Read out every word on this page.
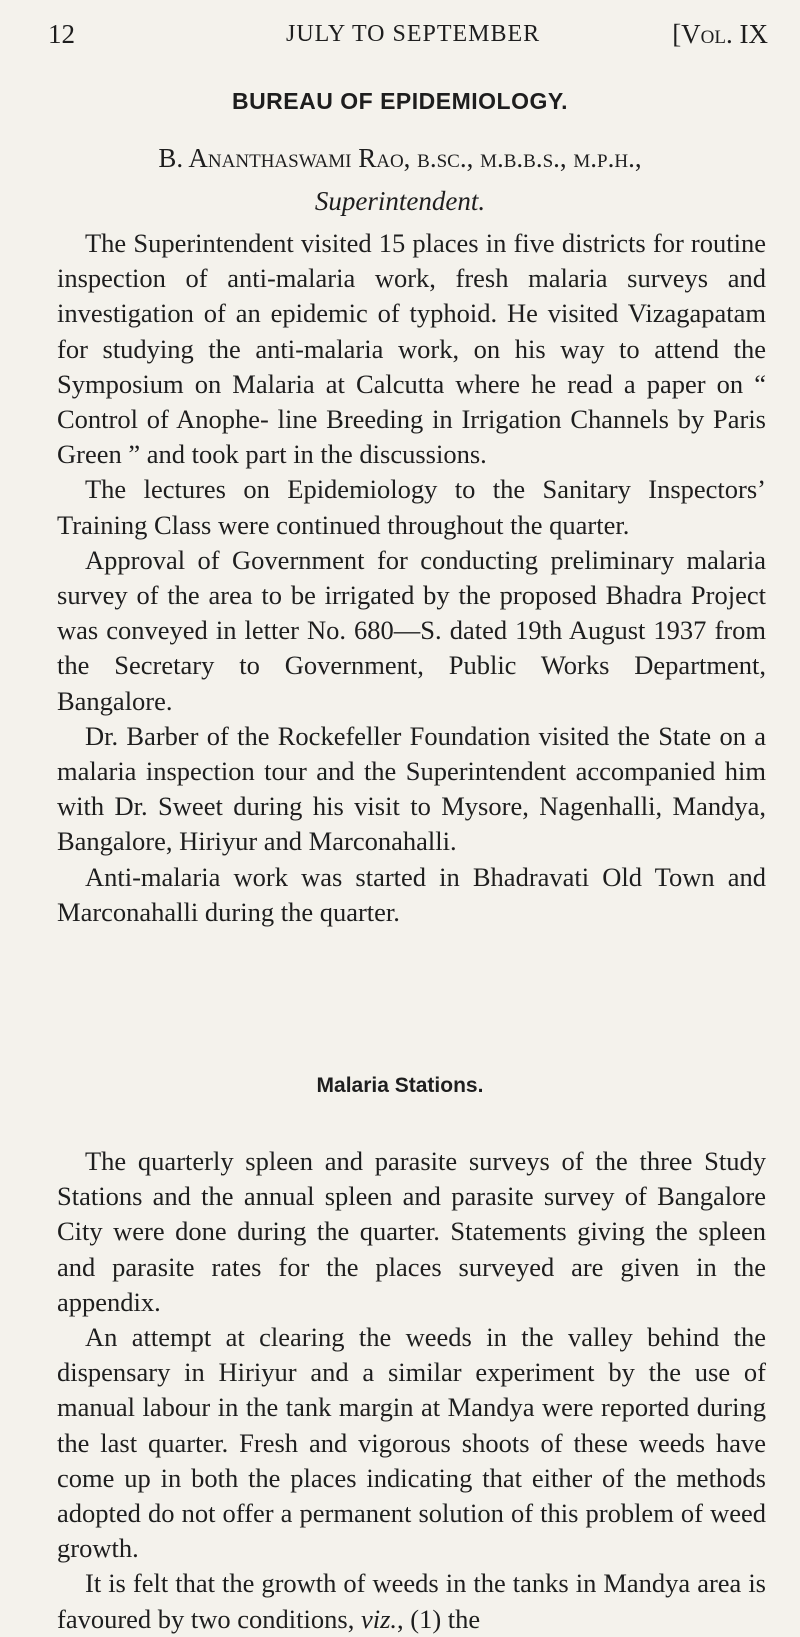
12	JULY TO SEPTEMBER	[Vol. IX
BUREAU OF EPIDEMIOLOGY.
B. Ananthaswami Rao, b.sc., m.b.b.s., m.p.h.,
Superintendent.

The Superintendent visited 15 places in five districts for routine inspection of anti-malaria work, fresh malaria surveys and investigation of an epidemic of typhoid. He visited Vizagapatam for studying the anti-malaria work, on his way to attend the Symposium on Malaria at Calcutta where he read a paper on “ Control of Anophe- line Breeding in Irrigation Channels by Paris Green ” and took part in the discussions.

The lectures on Epidemiology to the Sanitary Inspectors’ Training Class were continued throughout the quarter.

Approval of Government for conducting preliminary malaria survey of the area to be irrigated by the proposed Bhadra Project was conveyed in letter No. 680—S. dated 19th August 1937 from the Secretary to Government, Public Works Department, Bangalore.

Dr. Barber of the Rockefeller Foundation visited the State on a malaria inspection tour and the Superintendent accompanied him with Dr. Sweet during his visit to Mysore, Nagenhalli, Mandya, Bangalore, Hiriyur and Marconahalli.

Anti-malaria work was started in Bhadravati Old Town and Marconahalli during the quarter.

Malaria Stations.

The quarterly spleen and parasite surveys of the three Study Stations and the annual spleen and parasite survey of Bangalore City were done during the quarter. Statements giving the spleen and parasite rates for the places surveyed are given in the appendix.

An attempt at clearing the weeds in the valley behind the dispensary in Hiriyur and a similar experiment by the use of manual labour in the tank margin at Mandya were reported during the last quarter. Fresh and vigorous shoots of these weeds have come up in both the places indicating that either of the methods adopted do not offer a permanent solution of this problem of weed growth.

It is felt that the growth of weeds in the tanks in Mandya area is favoured by two conditions, viz., (1) the
